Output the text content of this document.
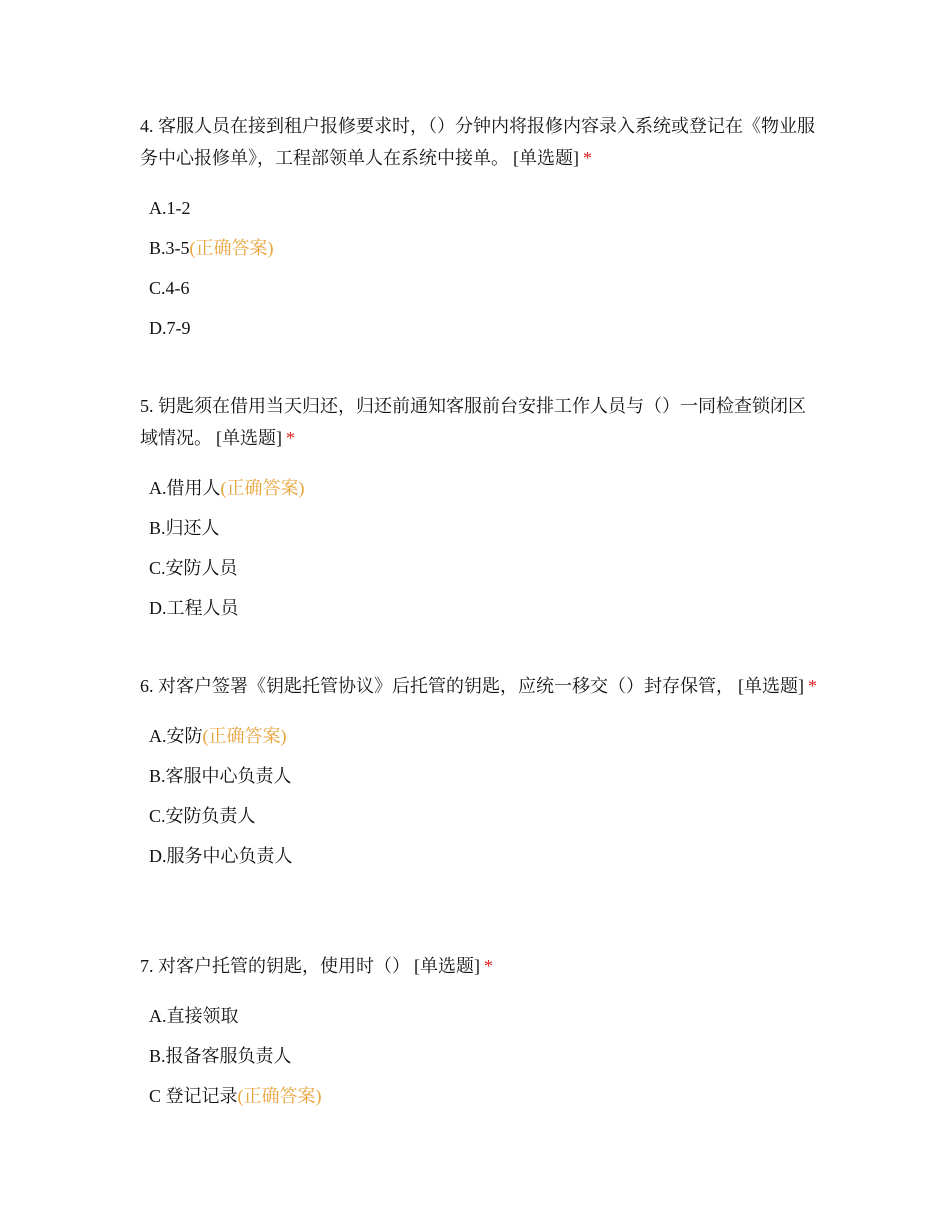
4. 客服人员在接到租户报修要求时，（）分钟内将报修内容录入系统或登记在《物业服务中心报修单》，工程部领单人在系统中接单。 [单选题] *

A.1-2
B.3-5(正确答案)
C.4-6
D.7-9

5. 钥匙须在借用当天归还，归还前通知客服前台安排工作人员与（）一同检查锁闭区域情况。 [单选题] *

A.借用人(正确答案)
B.归还人
C.安防人员
D.工程人员

6. 对客户签署《钥匙托管协议》后托管的钥匙，应统一移交（）封存保管， [单选题] *

A.安防(正确答案)
B.客服中心负责人
C.安防负责人
D.服务中心负责人

7. 对客户托管的钥匙，使用时（） [单选题] *

A.直接领取
B.报备客服负责人
C 登记记录(正确答案)
